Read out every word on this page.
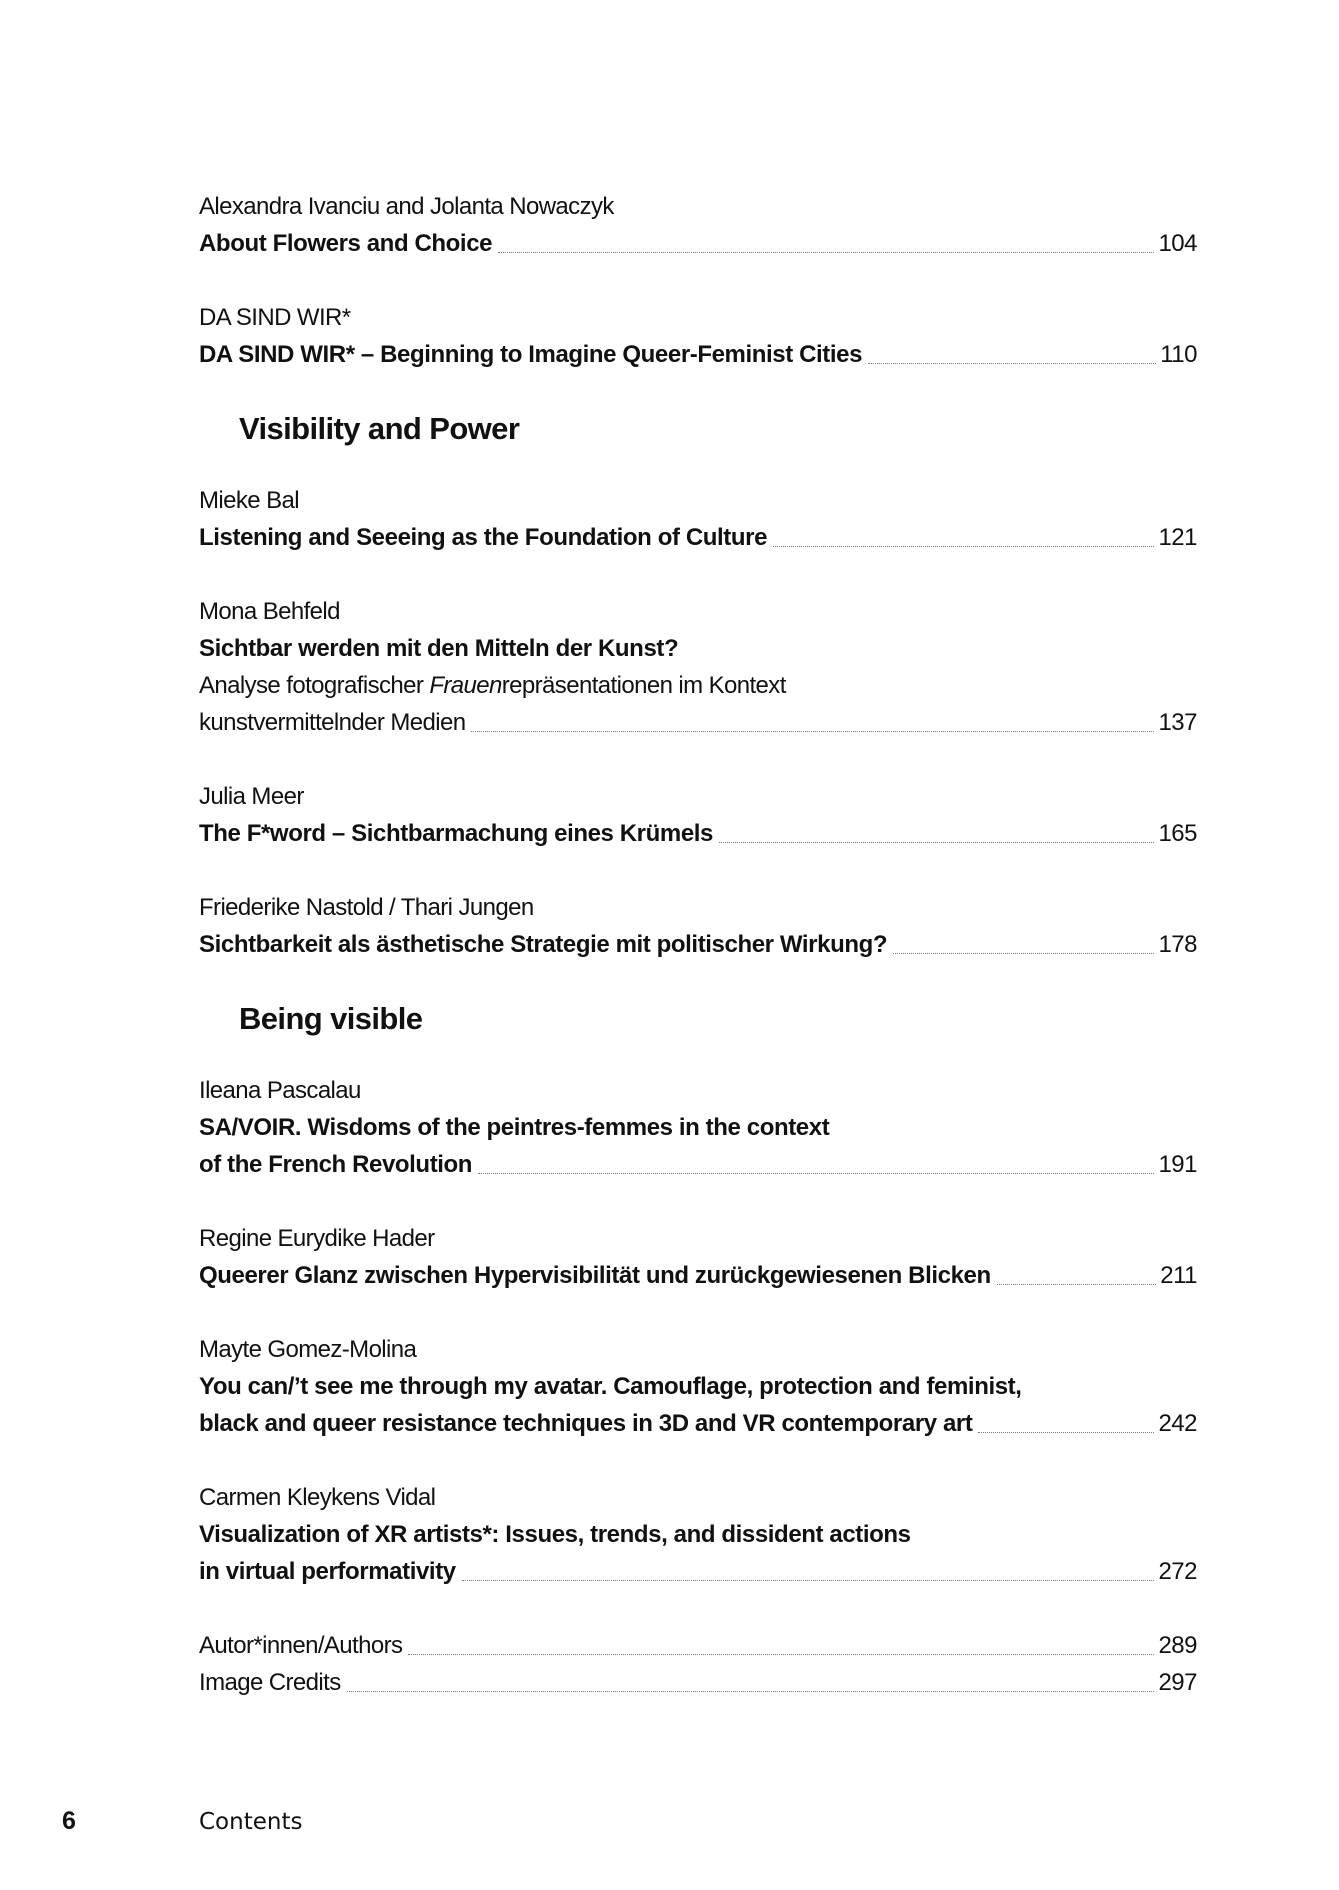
Alexandra Ivanciu and Jolanta Nowaczyk
About Flowers and Choice	104
DA SIND WIR*
DA SIND WIR* – Beginning to Imagine Queer-Feminist Cities	110
Visibility and Power
Mieke Bal
Listening and Seeeing as the Foundation of Culture	121
Mona Behfeld
Sichtbar werden mit den Mitteln der Kunst?
Analyse fotografischer Frauenrepräsentationen im Kontext
kunstvermittelnder Medien	137
Julia Meer
The F*word – Sichtbarmachung eines Krümels	165
Friederike Nastold / Thari Jungen
Sichtbarkeit als ästhetische Strategie mit politischer Wirkung?	178
Being visible
Ileana Pascalau
SA/VOIR. Wisdoms of the peintres-femmes in the context
of the French Revolution	191
Regine Eurydike Hader
Queerer Glanz zwischen Hypervisibilität und zurückgewiesenen Blicken	211
Mayte Gomez-Molina
You can/’t see me through my avatar. Camouflage, protection and feminist,
black and queer resistance techniques in 3D and VR contemporary art	242
Carmen Kleykens Vidal
Visualization of XR artists*: Issues, trends, and dissident actions
in virtual performativity	272
Autor*innen/Authors	289
Image Credits	297
6	Contents
